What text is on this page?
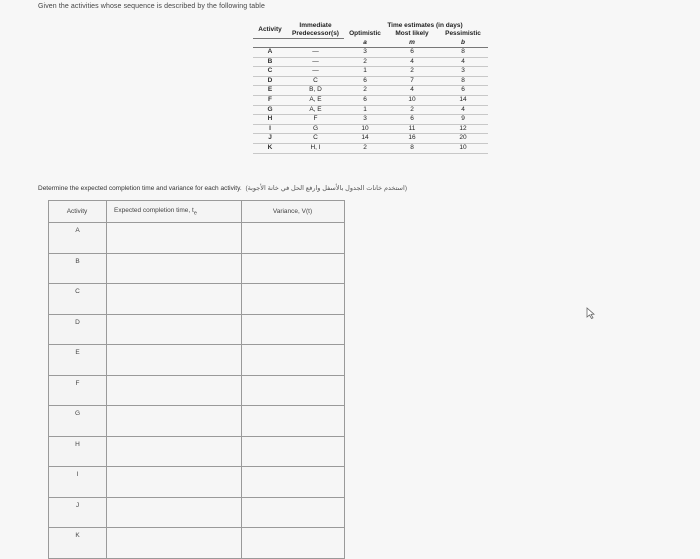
Given the activities whose sequence is described by the following table
Activity	Immediate Predecessor(s)	Time estimates (in days)		
		Optimistic	Most likely	Pessimistic
		a	m	b
A	—	3	6	8
B	—	2	4	4
C	—	1	2	3
D	C	6	7	8
E	B, D	2	4	6
F	A, E	6	10	14
G	A, E	1	2	4
H	F	3	6	9
I	G	10	11	12
J	C	14	16	20
K	H, I	2	8	10
Determine the expected completion time and variance for each activity. (استخدم خانات الجدول بالأسفل وارفع الحل في خانة الأجوبة)
Activity	Expected completion time, $t_e$	Variance, V(t)
A		
B		
C		
D		
E		
F		
G		
H		
I		
J		
K		
